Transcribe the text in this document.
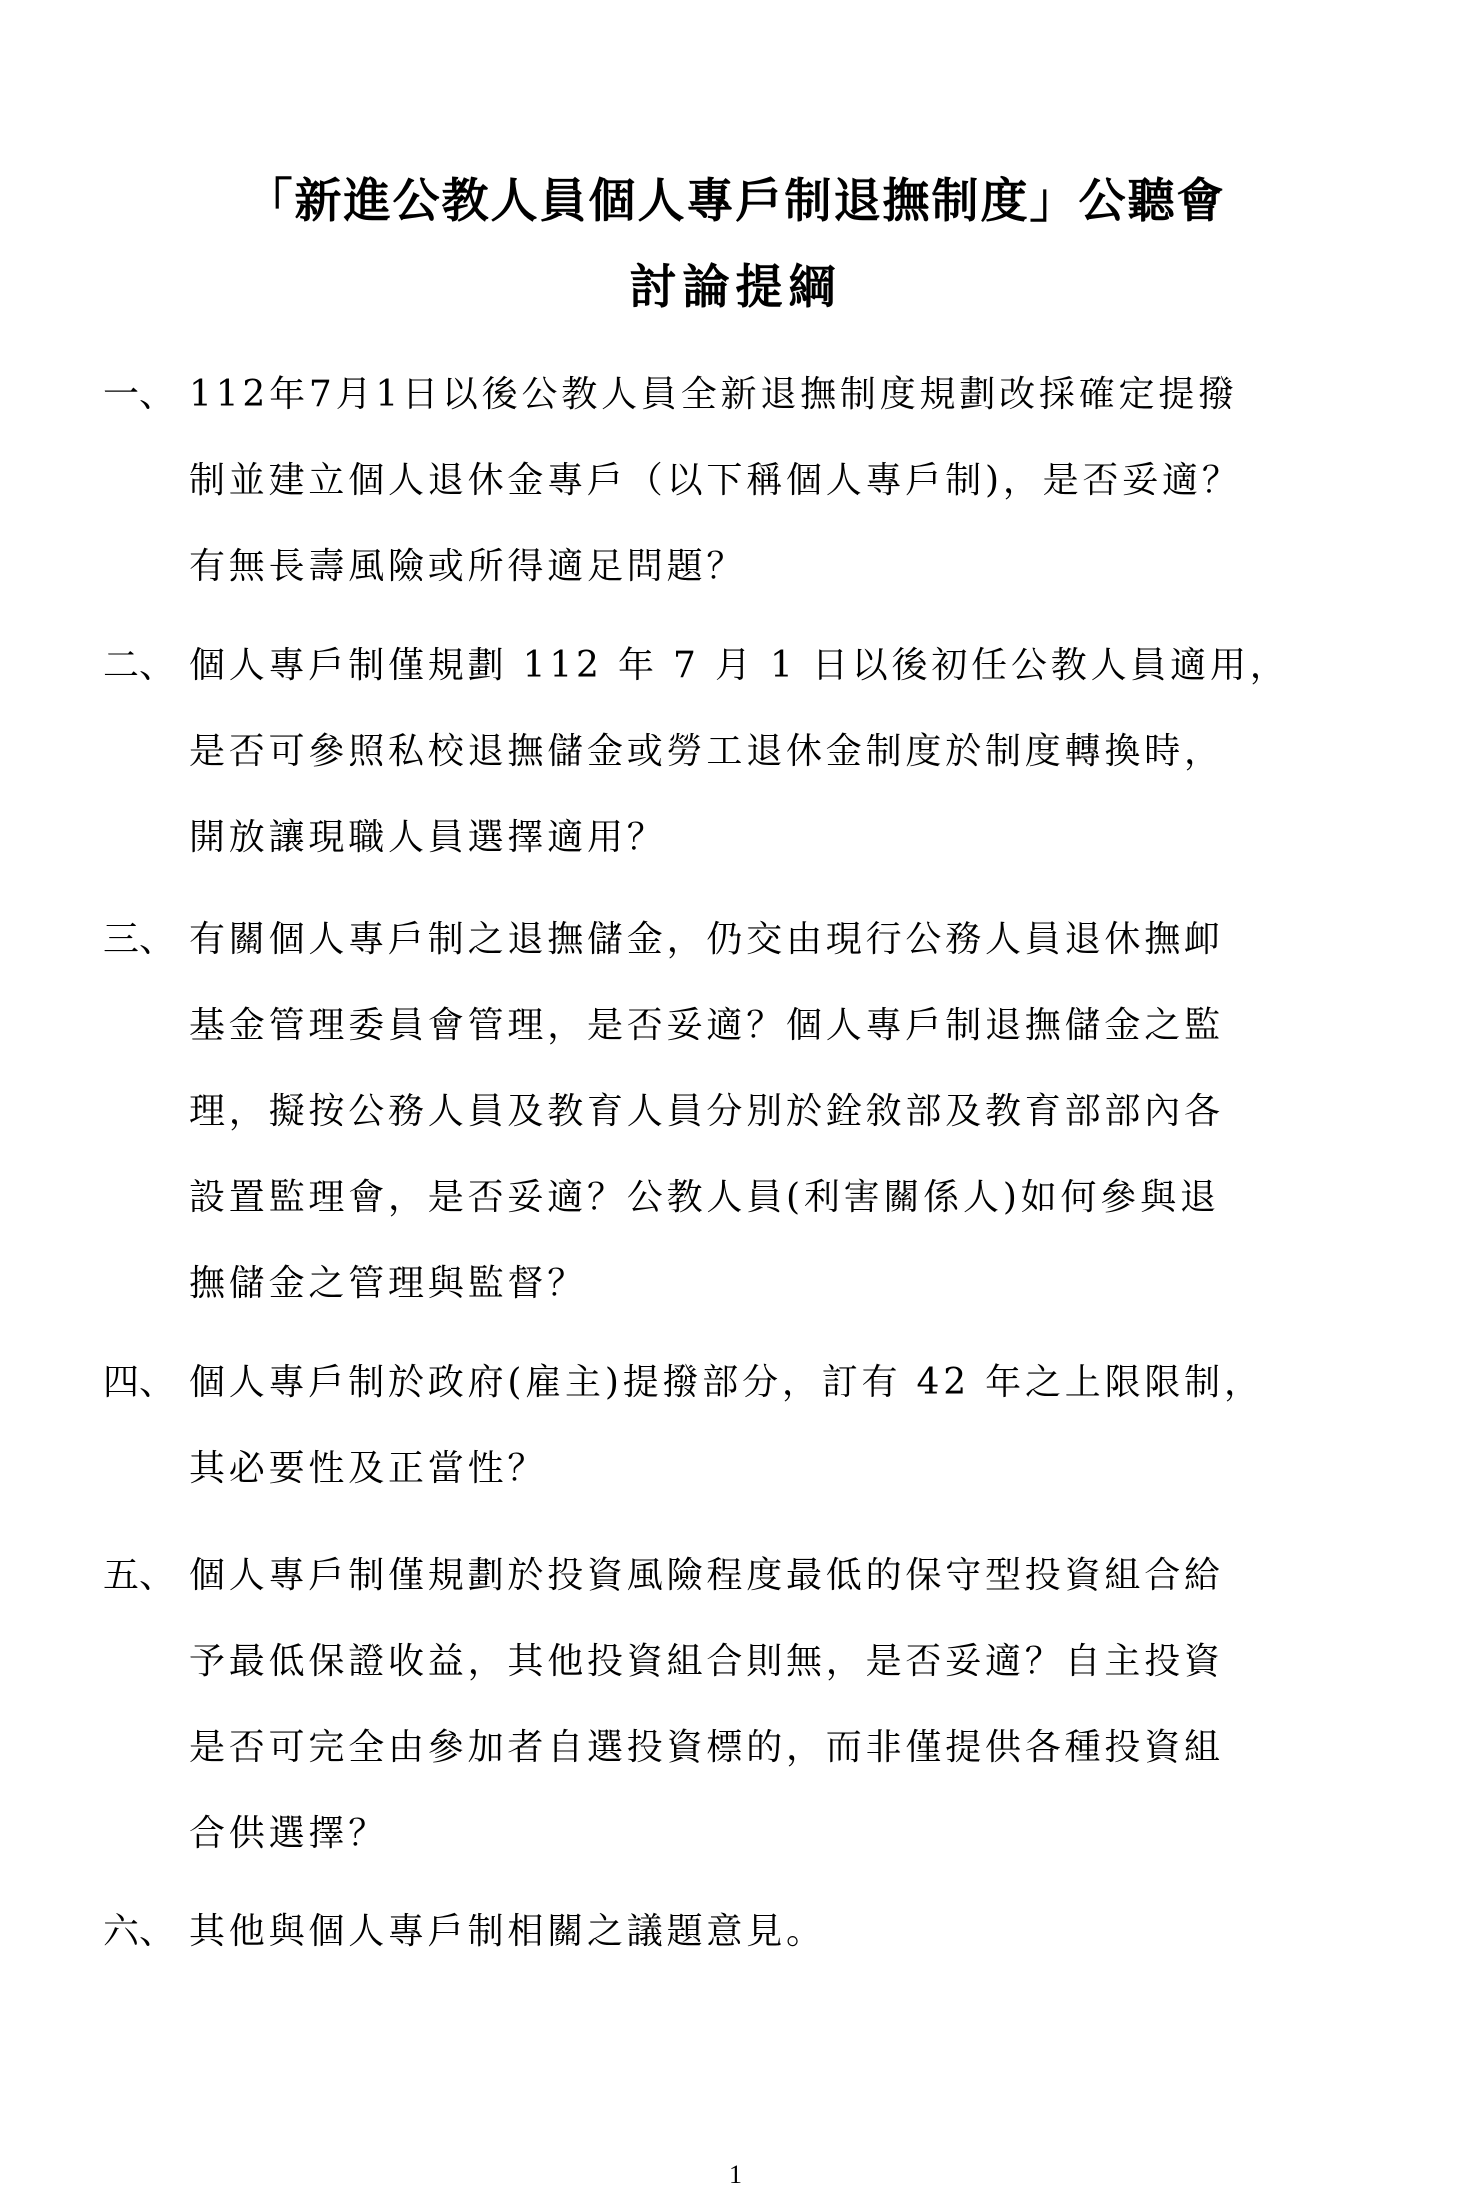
「新進公教人員個人專戶制退撫制度」公聽會
討論提綱
一、 112年7月1日以後公教人員全新退撫制度規劃改採確定提撥
制並建立個人退休金專戶（以下稱個人專戶制)，是否妥適？
有無長壽風險或所得適足問題？
二、 個人專戶制僅規劃 112 年 7 月 1 日以後初任公教人員適用，
是否可參照私校退撫儲金或勞工退休金制度於制度轉換時，
開放讓現職人員選擇適用？
三、 有關個人專戶制之退撫儲金，仍交由現行公務人員退休撫卹
基金管理委員會管理，是否妥適？個人專戶制退撫儲金之監
理，擬按公務人員及教育人員分別於銓敘部及教育部部內各
設置監理會，是否妥適？公教人員(利害關係人)如何參與退
撫儲金之管理與監督？
四、 個人專戶制於政府(雇主)提撥部分，訂有 42 年之上限限制，
其必要性及正當性？
五、 個人專戶制僅規劃於投資風險程度最低的保守型投資組合給
予最低保證收益，其他投資組合則無，是否妥適？自主投資
是否可完全由參加者自選投資標的，而非僅提供各種投資組
合供選擇？
六、 其他與個人專戶制相關之議題意見。
1
